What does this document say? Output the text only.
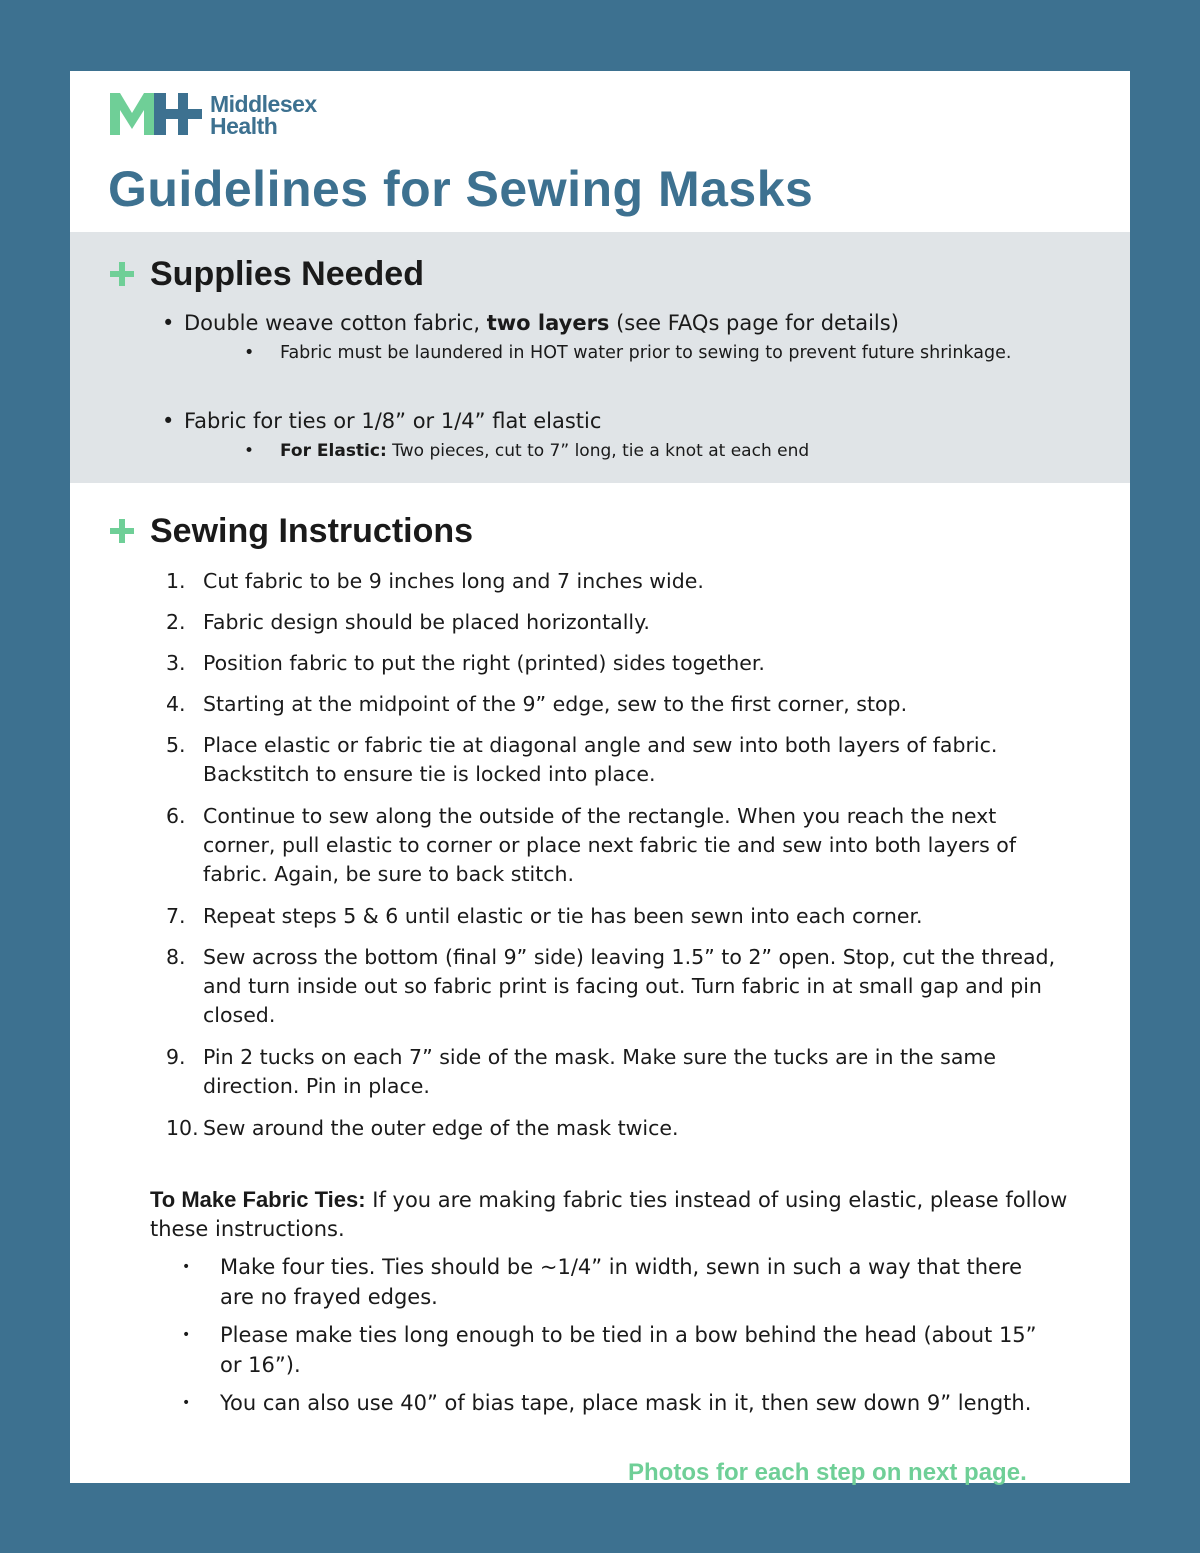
Middlesex
Health
Guidelines for Sewing Masks
Supplies Needed
Double weave cotton fabric, two layers (see FAQs page for details)
• Fabric must be laundered in HOT water prior to sewing to prevent future shrinkage.
Fabric for ties or 1/8” or 1/4” flat elastic
• For Elastic: Two pieces, cut to 7” long, tie a knot at each end
Sewing Instructions
1. Cut fabric to be 9 inches long and 7 inches wide.
2. Fabric design should be placed horizontally.
3. Position fabric to put the right (printed) sides together.
4. Starting at the midpoint of the 9” edge, sew to the first corner, stop.
5. Place elastic or fabric tie at diagonal angle and sew into both layers of fabric. Backstitch to ensure tie is locked into place.
6. Continue to sew along the outside of the rectangle. When you reach the next corner, pull elastic to corner or place next fabric tie and sew into both layers of fabric. Again, be sure to back stitch.
7. Repeat steps 5 & 6 until elastic or tie has been sewn into each corner.
8. Sew across the bottom (final 9” side) leaving 1.5” to 2” open. Stop, cut the thread, and turn inside out so fabric print is facing out. Turn fabric in at small gap and pin closed.
9. Pin 2 tucks on each 7” side of the mask. Make sure the tucks are in the same direction. Pin in place.
10. Sew around the outer edge of the mask twice.
To Make Fabric Ties: If you are making fabric ties instead of using elastic, please follow these instructions.
• Make four ties. Ties should be ~1/4” in width, sewn in such a way that there are no frayed edges.
• Please make ties long enough to be tied in a bow behind the head (about 15” or 16”).
• You can also use 40” of bias tape, place mask in it, then sew down 9” length.
Photos for each step on next page.
